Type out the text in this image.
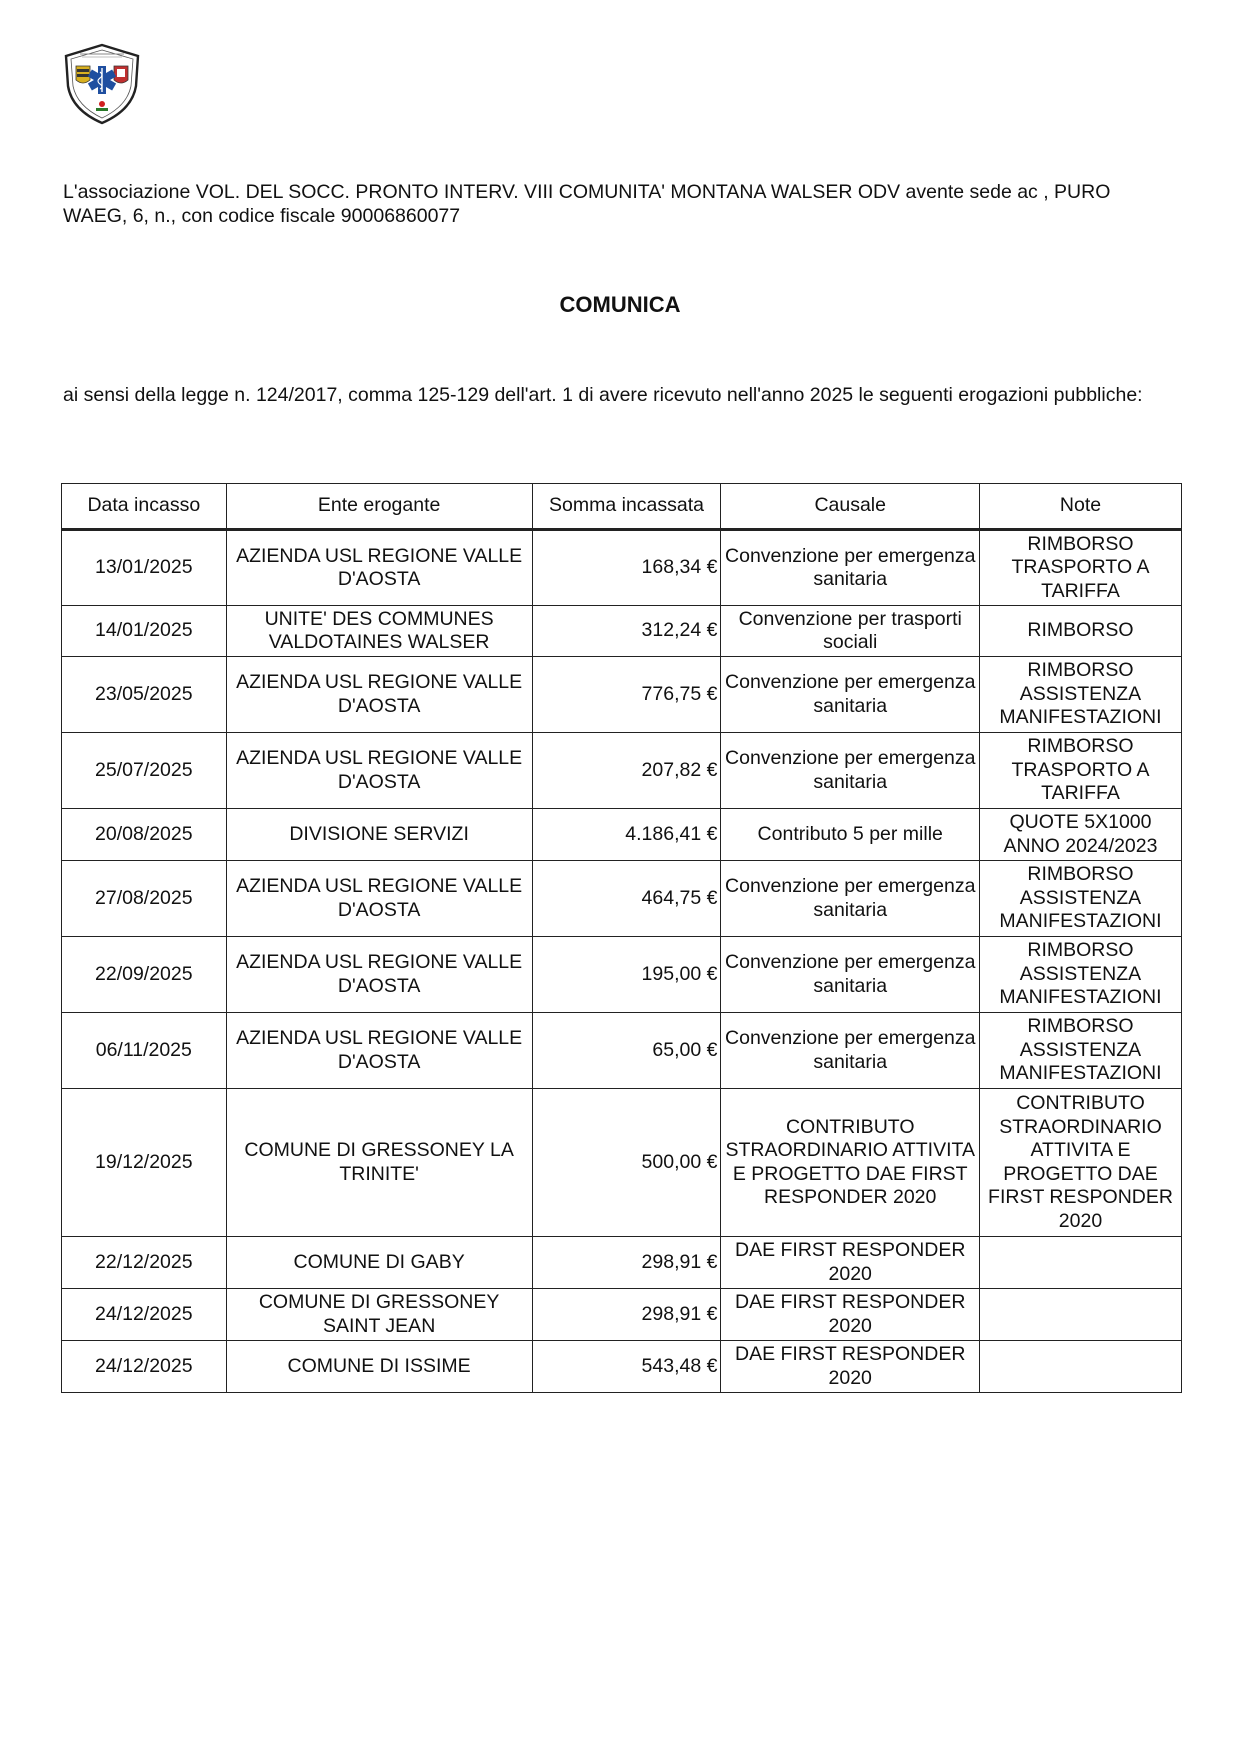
L'associazione VOL. DEL SOCC. PRONTO INTERV. VIII COMUNITA' MONTANA WALSER ODV avente sede ac , PURO WAEG, 6, n., con codice fiscale 90006860077
COMUNICA
ai sensi della legge n. 124/2017, comma 125-129 dell'art. 1 di avere ricevuto nell'anno 2025 le seguenti erogazioni pubbliche:
Data incasso	Ente erogante	Somma incassata	Causale	Note
13/01/2025	AZIENDA USL REGIONE VALLE D'AOSTA	168,34 €	Convenzione per emergenza sanitaria	RIMBORSO TRASPORTO A TARIFFA
14/01/2025	UNITE' DES COMMUNES VALDOTAINES WALSER	312,24 €	Convenzione per trasporti sociali	RIMBORSO
23/05/2025	AZIENDA USL REGIONE VALLE D'AOSTA	776,75 €	Convenzione per emergenza sanitaria	RIMBORSO ASSISTENZA MANIFESTAZIONI
25/07/2025	AZIENDA USL REGIONE VALLE D'AOSTA	207,82 €	Convenzione per emergenza sanitaria	RIMBORSO TRASPORTO A TARIFFA
20/08/2025	DIVISIONE SERVIZI	4.186,41 €	Contributo 5 per mille	QUOTE 5X1000 ANNO 2024/2023
27/08/2025	AZIENDA USL REGIONE VALLE D'AOSTA	464,75 €	Convenzione per emergenza sanitaria	RIMBORSO ASSISTENZA MANIFESTAZIONI
22/09/2025	AZIENDA USL REGIONE VALLE D'AOSTA	195,00 €	Convenzione per emergenza sanitaria	RIMBORSO ASSISTENZA MANIFESTAZIONI
06/11/2025	AZIENDA USL REGIONE VALLE D'AOSTA	65,00 €	Convenzione per emergenza sanitaria	RIMBORSO ASSISTENZA MANIFESTAZIONI
19/12/2025	COMUNE DI GRESSONEY LA TRINITE'	500,00 €	CONTRIBUTO STRAORDINARIO ATTIVITA E PROGETTO DAE FIRST RESPONDER 2020	CONTRIBUTO STRAORDINARIO ATTIVITA E PROGETTO DAE FIRST RESPONDER 2020
22/12/2025	COMUNE DI GABY	298,91 €	DAE FIRST RESPONDER 2020	
24/12/2025	COMUNE DI GRESSONEY SAINT JEAN	298,91 €	DAE FIRST RESPONDER 2020	
24/12/2025	COMUNE DI ISSIME	543,48 €	DAE FIRST RESPONDER 2020	
